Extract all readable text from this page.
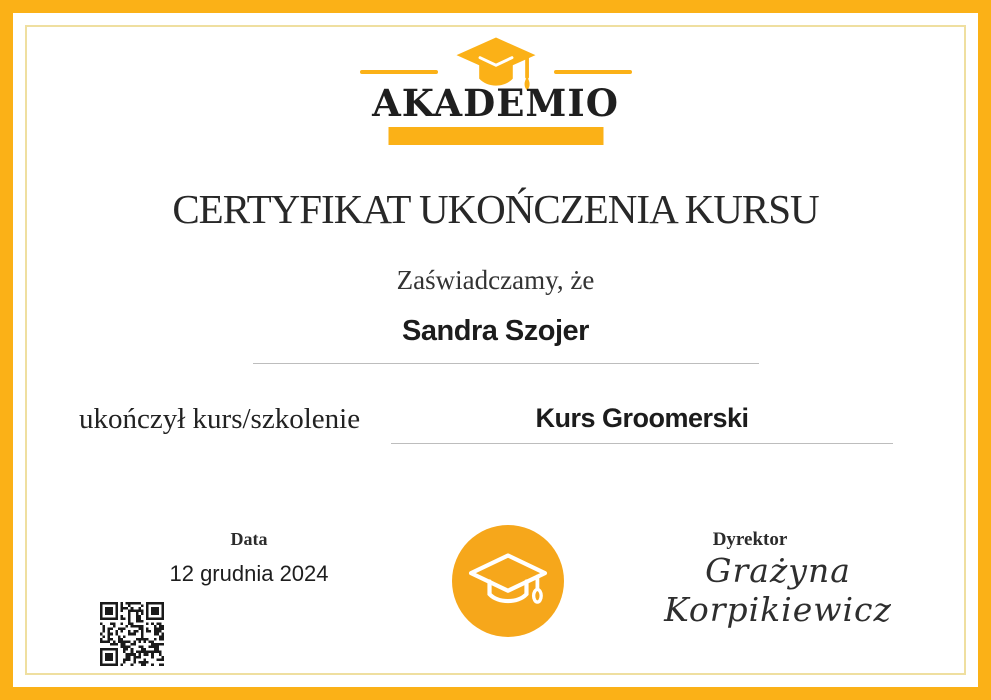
AKADEMIO
CERTYFIKAT UKOŃCZENIA KURSU
Zaświadczamy, że
Sandra Szojer
ukończył kurs/szkolenie	Kurs Groomerski
Data
12 grudnia 2024
Dyrektor
Grażyna Korpikiewicz
